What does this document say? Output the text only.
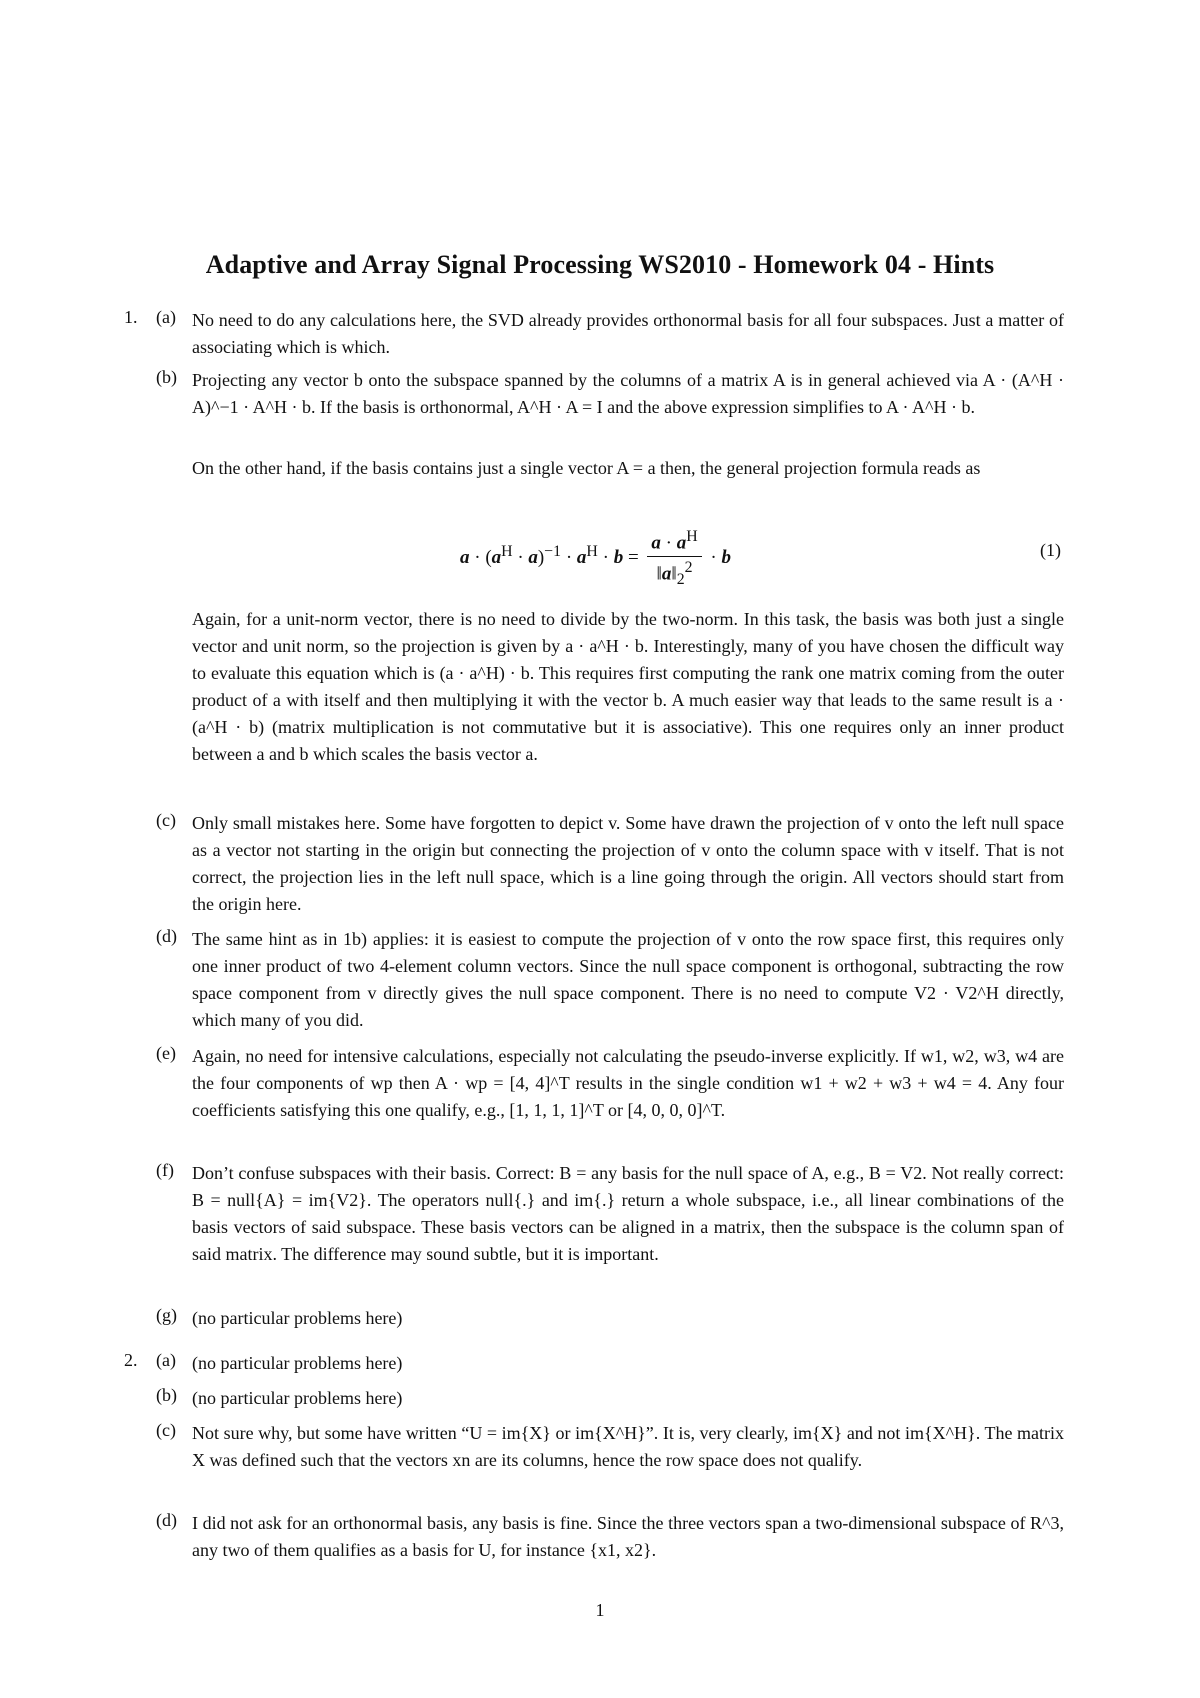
Adaptive and Array Signal Processing WS2010 - Homework 04 - Hints
1. (a) No need to do any calculations here, the SVD already provides orthonormal basis for all four subspaces. Just a matter of associating which is which.
(b) Projecting any vector b onto the subspace spanned by the columns of a matrix A is in general achieved via A · (A^H · A)^−1 · A^H · b. If the basis is orthonormal, A^H · A = I and the above expression simplifies to A · A^H · b.
On the other hand, if the basis contains just a single vector A = a then, the general projection formula reads as
$a \cdot (a^H \cdot a)^{-1} \cdot a^H \cdot b = \frac{a \cdot a^H}{‖a‖_2^2} \cdot b$	(1)
Again, for a unit-norm vector, there is no need to divide by the two-norm. In this task, the basis was both just a single vector and unit norm, so the projection is given by a · a^H · b. Interestingly, many of you have chosen the difficult way to evaluate this equation which is (a · a^H) · b. This requires first computing the rank one matrix coming from the outer product of a with itself and then multiplying it with the vector b. A much easier way that leads to the same result is a · (a^H · b) (matrix multiplication is not commutative but it is associative). This one requires only an inner product between a and b which scales the basis vector a.
(c) Only small mistakes here. Some have forgotten to depict v. Some have drawn the projection of v onto the left null space as a vector not starting in the origin but connecting the projection of v onto the column space with v itself. That is not correct, the projection lies in the left null space, which is a line going through the origin. All vectors should start from the origin here.
(d) The same hint as in 1b) applies: it is easiest to compute the projection of v onto the row space first, this requires only one inner product of two 4-element column vectors. Since the null space component is orthogonal, subtracting the row space component from v directly gives the null space component. There is no need to compute V2 · V2^H directly, which many of you did.
(e) Again, no need for intensive calculations, especially not calculating the pseudo-inverse explicitly. If w1, w2, w3, w4 are the four components of wp then A · wp = [4, 4]^T results in the single condition w1 + w2 + w3 + w4 = 4. Any four coefficients satisfying this one qualify, e.g., [1, 1, 1, 1]^T or [4, 0, 0, 0]^T.
(f) Don’t confuse subspaces with their basis. Correct: B = any basis for the null space of A, e.g., B = V2. Not really correct: B = null{A} = im{V2}. The operators null{.} and im{.} return a whole subspace, i.e., all linear combinations of the basis vectors of said subspace. These basis vectors can be aligned in a matrix, then the subspace is the column span of said matrix. The difference may sound subtle, but it is important.
(g) (no particular problems here)
2. (a) (no particular problems here)
(b) (no particular problems here)
(c) Not sure why, but some have written “U = im{X} or im{X^H}”. It is, very clearly, im{X} and not im{X^H}. The matrix X was defined such that the vectors xn are its columns, hence the row space does not qualify.
(d) I did not ask for an orthonormal basis, any basis is fine. Since the three vectors span a two-dimensional subspace of R^3, any two of them qualifies as a basis for U, for instance {x1, x2}.
1
